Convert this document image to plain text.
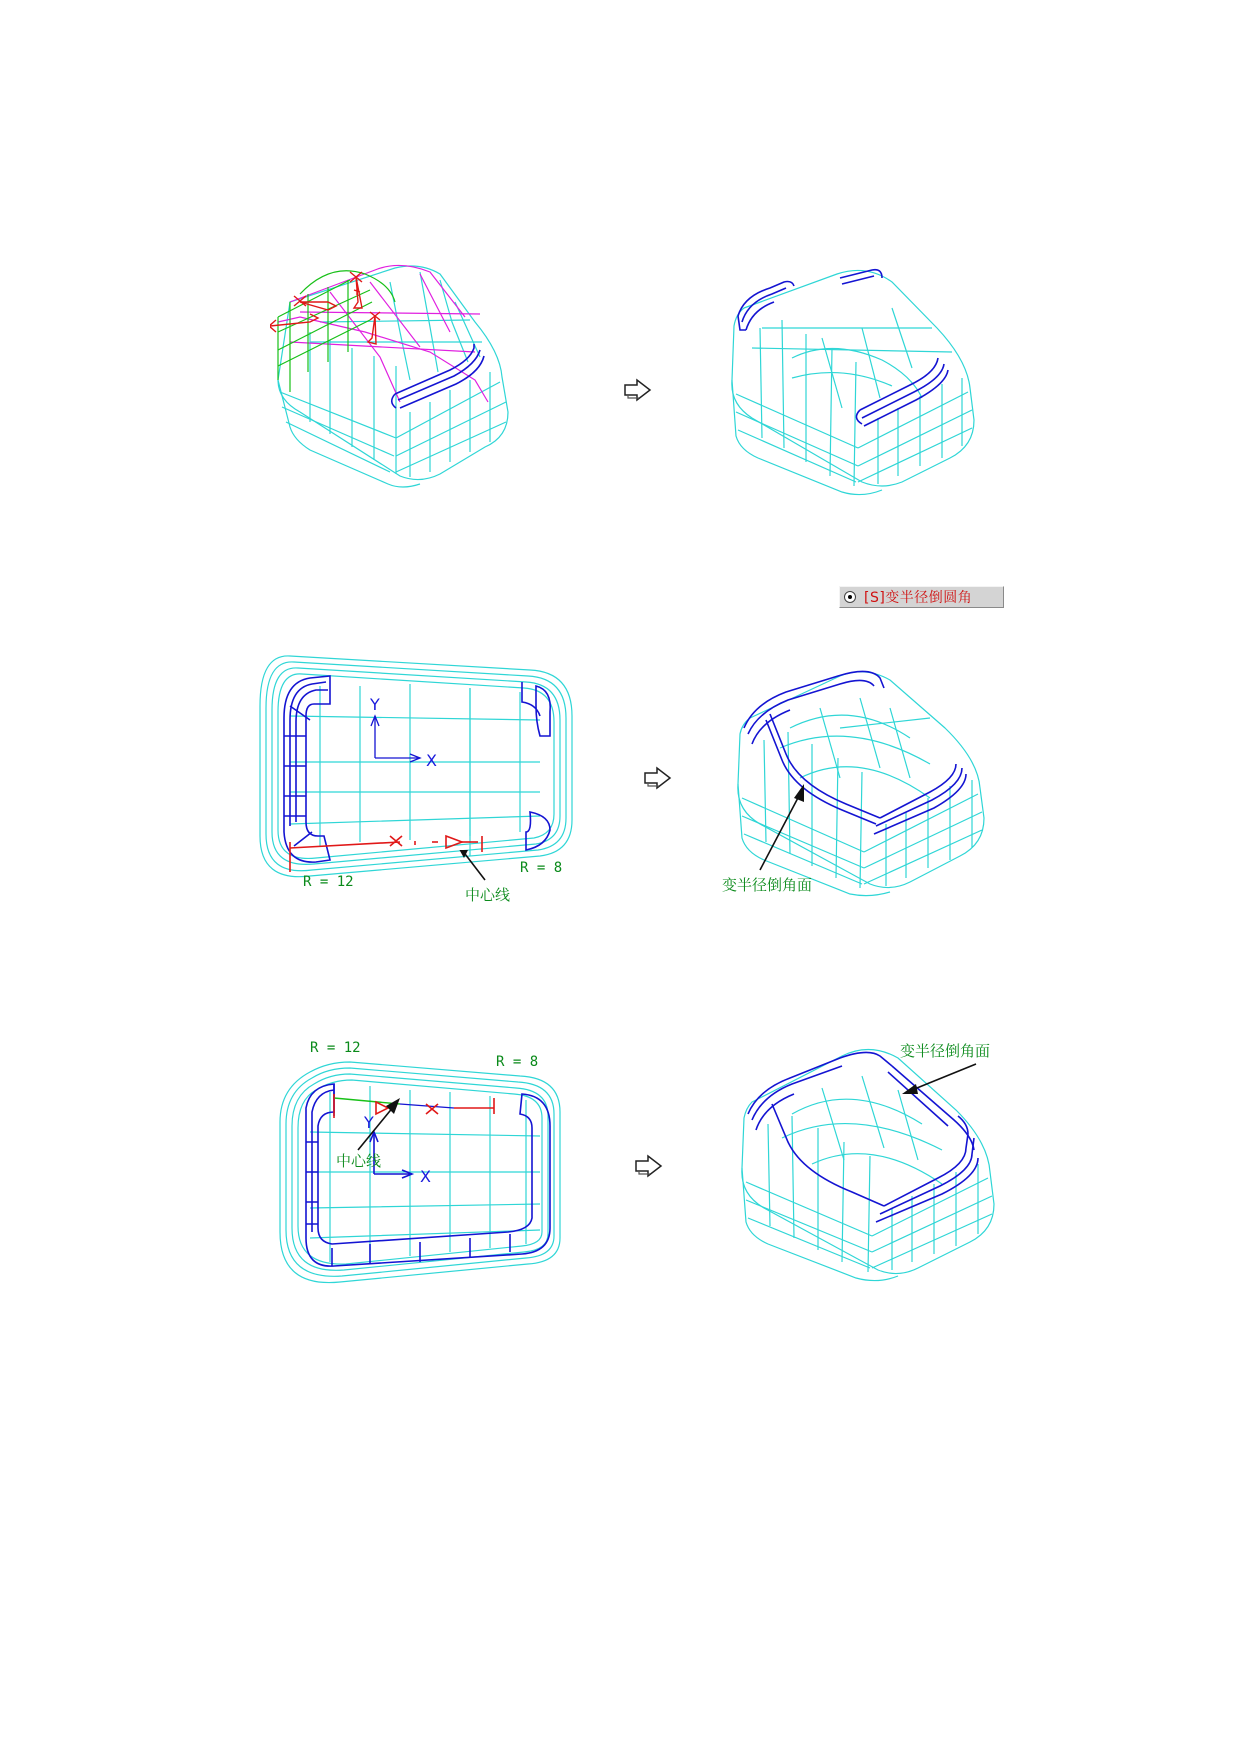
[S]变半径倒圆角
Y
X
R = 12
R = 8
中心线
变半径倒角面
Y
X
R = 12
R = 8
中心线
变半径倒角面
